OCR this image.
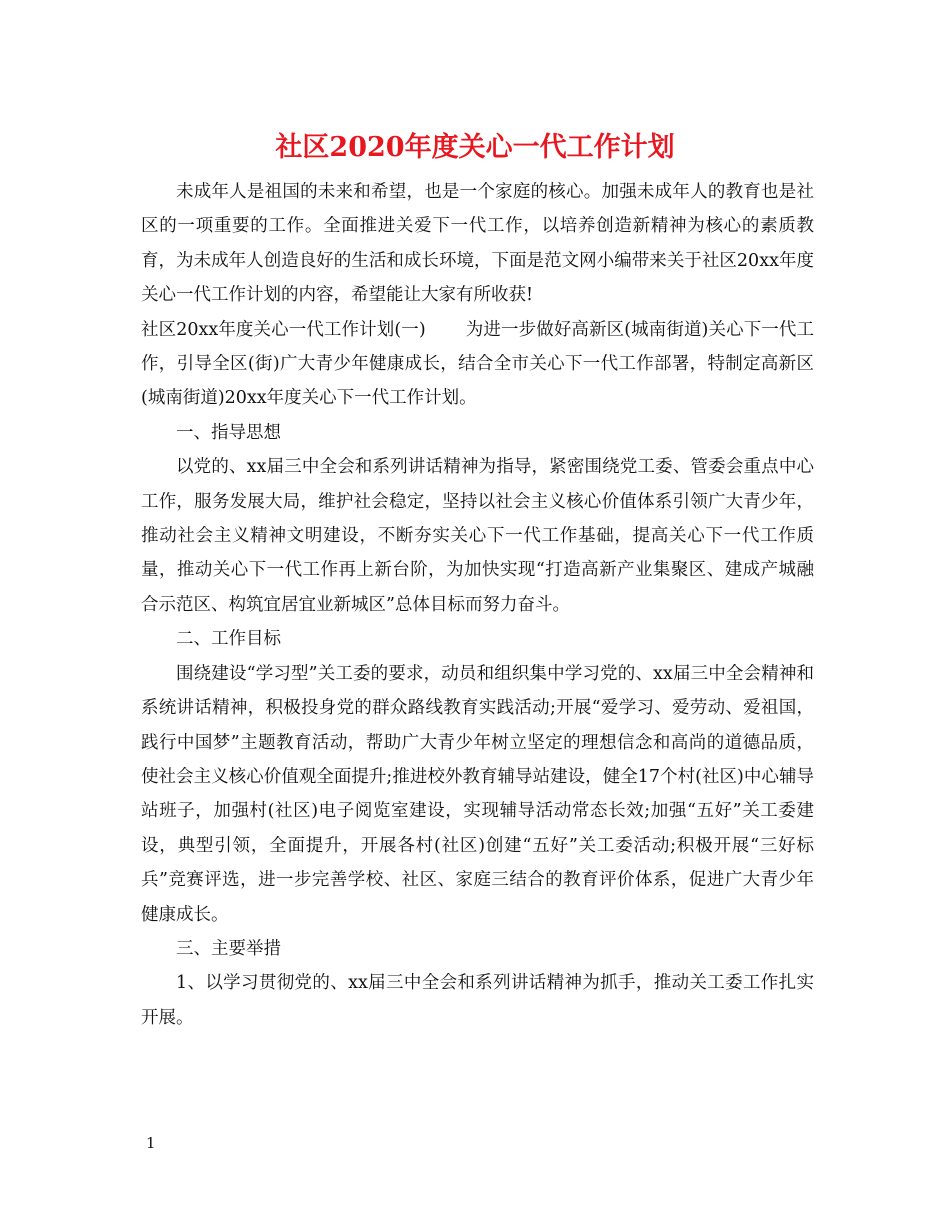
社区2020年度关心一代工作计划

未成年人是祖国的未来和希望，也是一个家庭的核心。加强未成年人的教育也是社区的一项重要的工作。全面推进关爱下一代工作，以培养创造新精神为核心的素质教育，为未成年人创造良好的生活和成长环境，下面是范文网小编带来关于社区20xx年度关心一代工作计划的内容，希望能让大家有所收获!

社区20xx年度关心一代工作计划(一) 为进一步做好高新区(城南街道)关心下一代工作，引导全区(街)广大青少年健康成长，结合全市关心下一代工作部署，特制定高新区(城南街道)20xx年度关心下一代工作计划。

一、指导思想

以党的、xx届三中全会和系列讲话精神为指导，紧密围绕党工委、管委会重点中心工作，服务发展大局，维护社会稳定，坚持以社会主义核心价值体系引领广大青少年，推动社会主义精神文明建设，不断夯实关心下一代工作基础，提高关心下一代工作质量，推动关心下一代工作再上新台阶，为加快实现“打造高新产业集聚区、建成产城融合示范区、构筑宜居宜业新城区”总体目标而努力奋斗。

二、工作目标

围绕建设“学习型”关工委的要求，动员和组织集中学习党的、xx届三中全会精神和系统讲话精神，积极投身党的群众路线教育实践活动;开展“爱学习、爱劳动、爱祖国，践行中国梦”主题教育活动，帮助广大青少年树立坚定的理想信念和高尚的道德品质，使社会主义核心价值观全面提升;推进校外教育辅导站建设，健全17个村(社区)中心辅导站班子，加强村(社区)电子阅览室建设，实现辅导活动常态长效;加强“五好”关工委建设，典型引领，全面提升，开展各村(社区)创建“五好”关工委活动;积极开展“三好标兵”竞赛评选，进一步完善学校、社区、家庭三结合的教育评价体系，促进广大青少年健康成长。

三、主要举措

1、以学习贯彻党的、xx届三中全会和系列讲话精神为抓手，推动关工委工作扎实开展。

1
